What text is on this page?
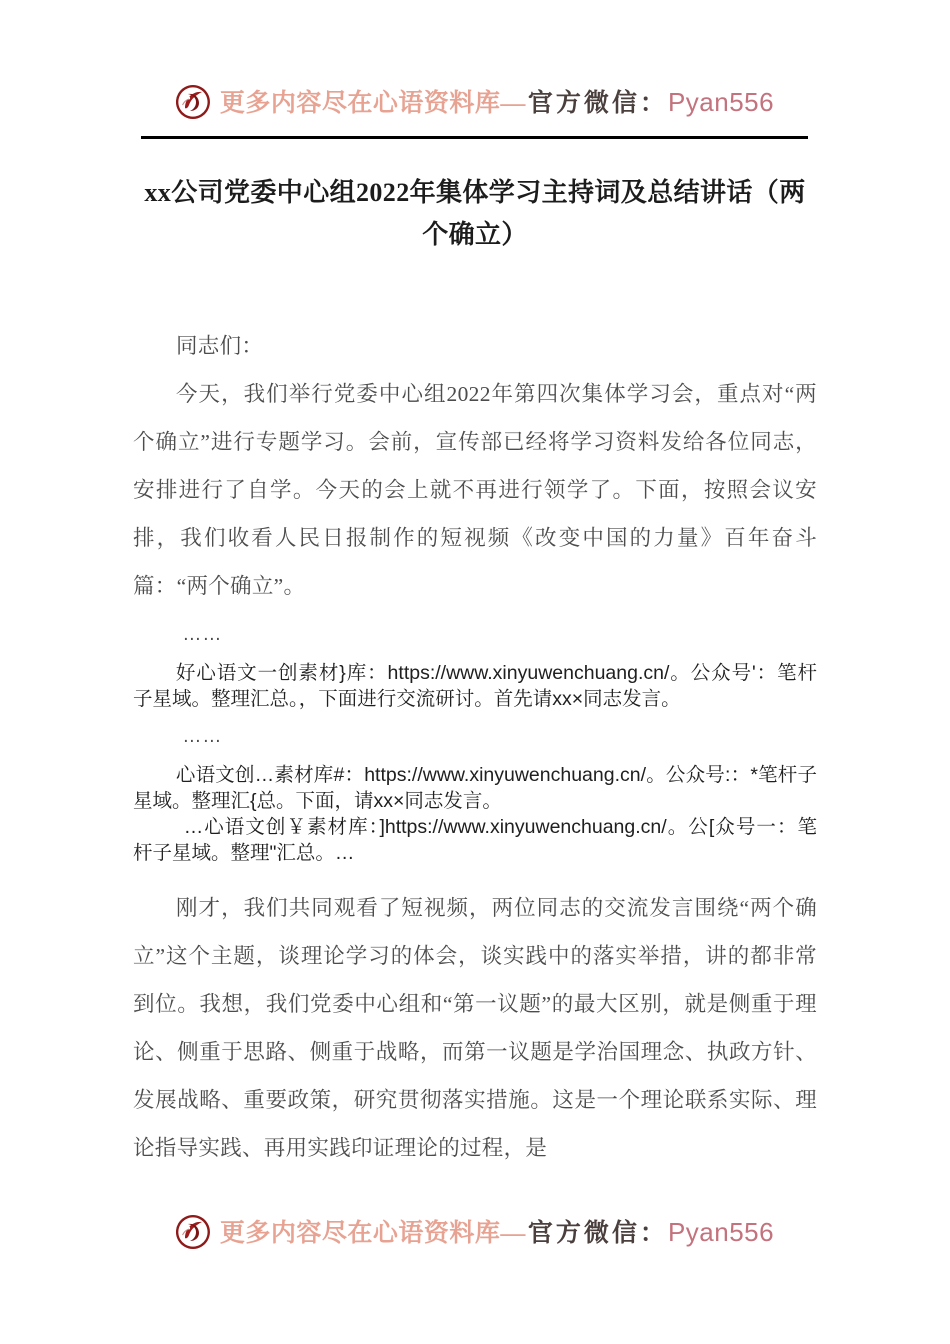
更多内容尽在心语资料库— 官方微信： Pyan556
xx公司党委中心组2022年集体学习主持词及总结讲话（两个确立）

同志们：

今天，我们举行党委中心组2022年第四次集体学习会，重点对“两个确立”进行专题学习。会前，宣传部已经将学习资料发给各位同志，安排进行了自学。今天的会上就不再进行领学了。下面，按照会议安排，我们收看人民日报制作的短视频《改变中国的力量》百年奋斗篇：“两个确立”。

……

好心语文一创素材}库：https://www.xinyuwenchuang.cn/。公众号'：笔杆子星域。整理汇总。，下面进行交流研讨。首先请xx×同志发言。

……

心语文创…素材库#：https://www.xinyuwenchuang.cn/。公众号:：*笔杆子星域。整理汇{总。下面，请xx×同志发言。

…心语文创￥素材库：]https://www.xinyuwenchuang.cn/。公[众号一：笔杆子星域。整理"汇总。…

刚才，我们共同观看了短视频，两位同志的交流发言围绕“两个确立”这个主题，谈理论学习的体会，谈实践中的落实举措，讲的都非常到位。我想，我们党委中心组和“第一议题”的最大区别，就是侧重于理论、侧重于思路、侧重于战略，而第一议题是学治国理念、执政方针、发展战略、重要政策，研究贯彻落实措施。这是一个理论联系实际、理论指导实践、再用实践印证理论的过程，是

更多内容尽在心语资料库— 官方微信： Pyan556
